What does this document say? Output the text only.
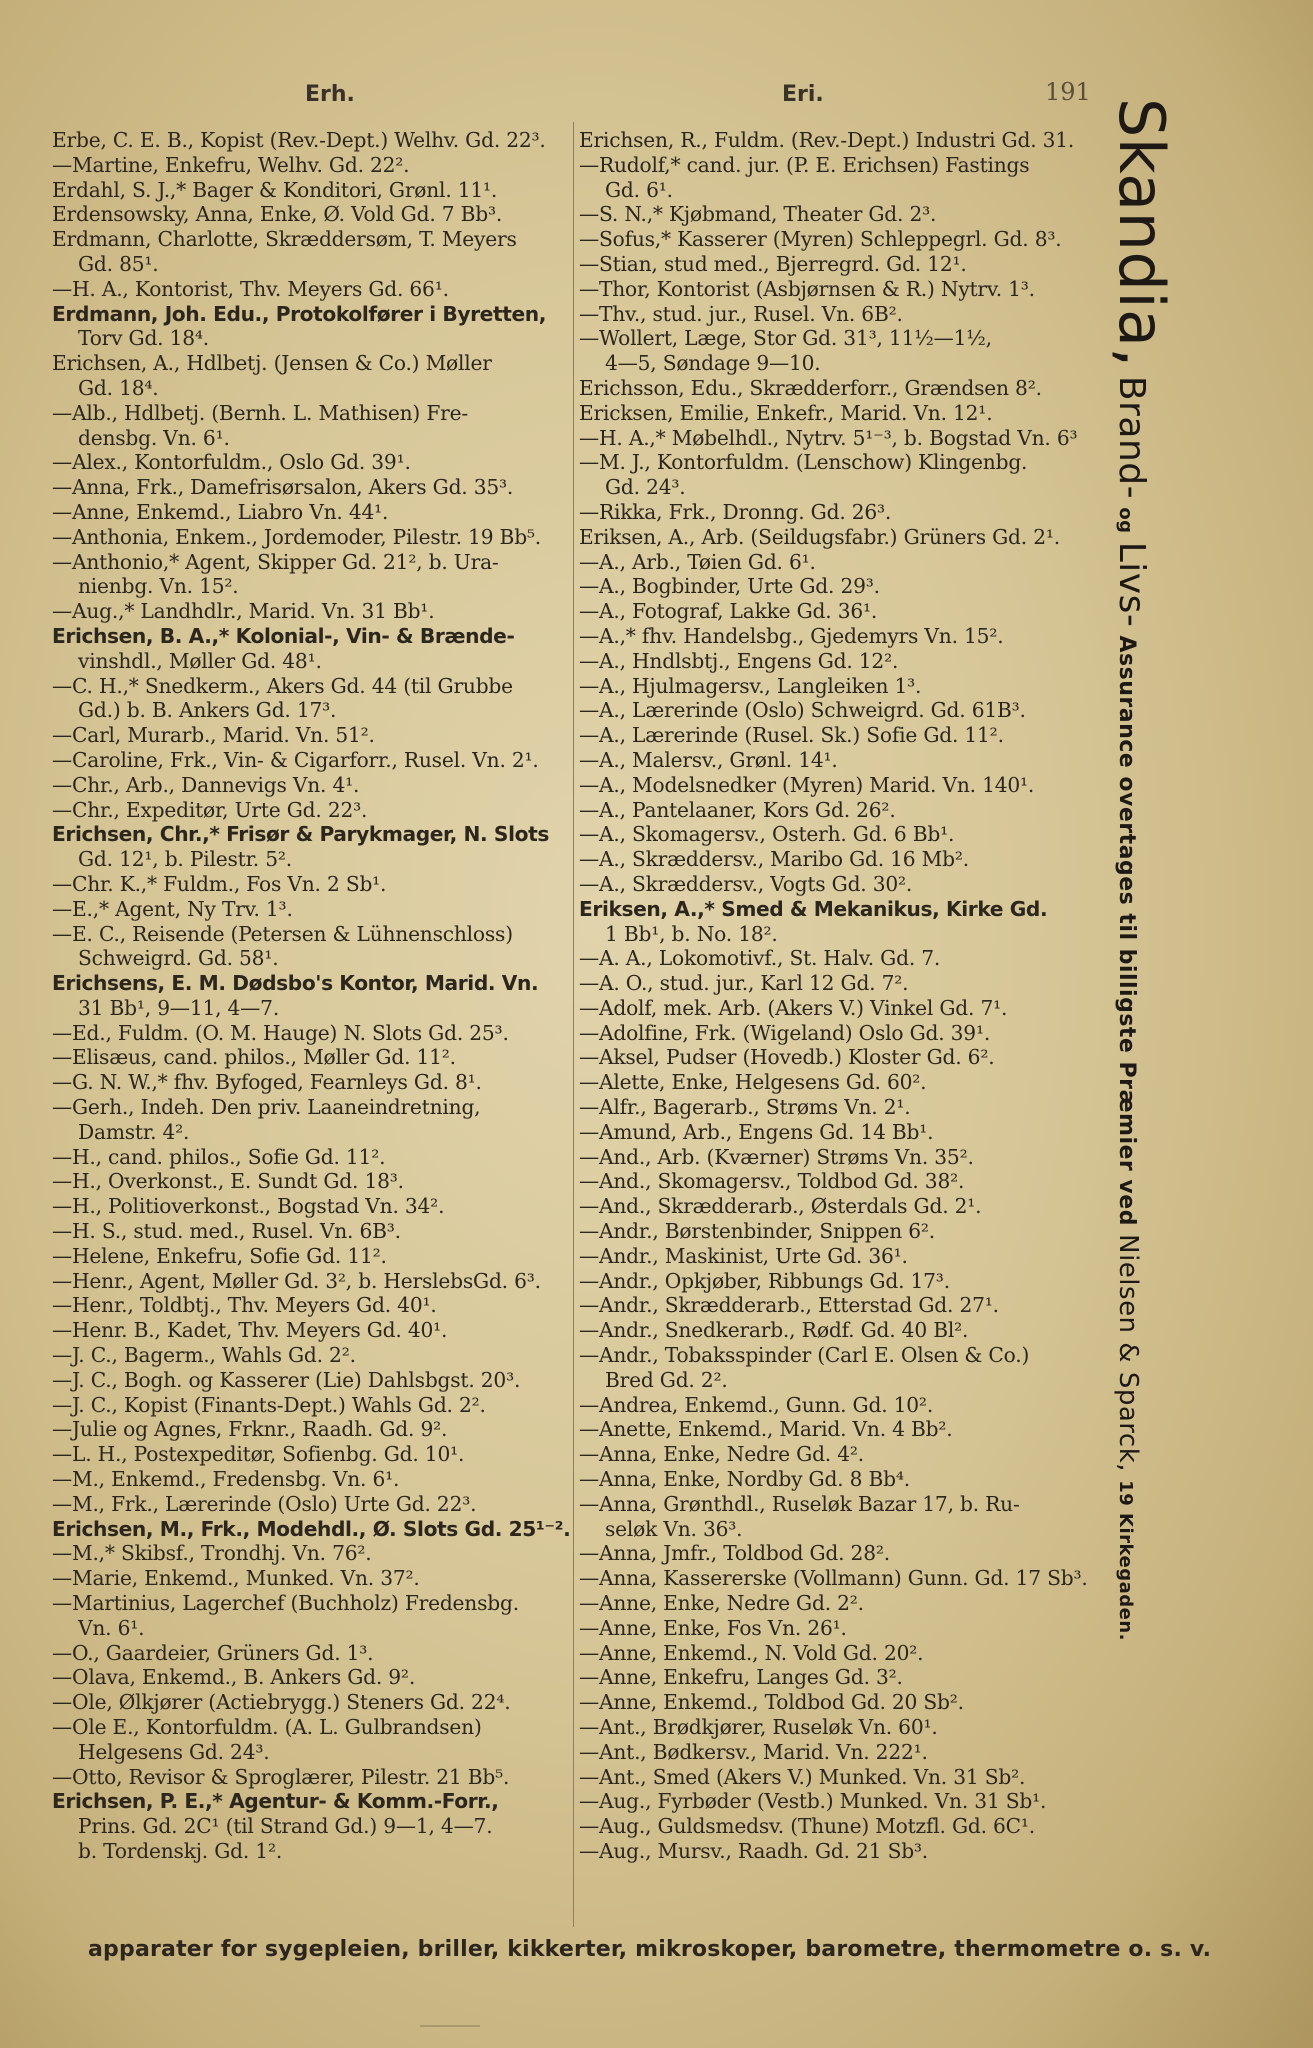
Erh.	Eri.	191
Erbe, C. E. B., Kopist (Rev.-Dept.) Welhv. Gd. 22³.
—Martine, Enkefru, Welhv. Gd. 22².
Erdahl, S. J.,* Bager & Konditori, Grønl. 11¹.
Erdensowsky, Anna, Enke, Ø. Vold Gd. 7 Bb³.
Erdmann, Charlotte, Skræddersøm, T. Meyers
Gd. 85¹.
—H. A., Kontorist, Thv. Meyers Gd. 66¹.
Erdmann, Joh. Edu., Protokolfører i Byretten,
Torv Gd. 18⁴.
Erichsen, A., Hdlbetj. (Jensen & Co.) Møller
Gd. 18⁴.
—Alb., Hdlbetj. (Bernh. L. Mathisen) Fre-
densbg. Vn. 6¹.
—Alex., Kontorfuldm., Oslo Gd. 39¹.
—Anna, Frk., Damefrisørsalon, Akers Gd. 35³.
—Anne, Enkemd., Liabro Vn. 44¹.
—Anthonia, Enkem., Jordemoder, Pilestr. 19 Bb⁵.
—Anthonio,* Agent, Skipper Gd. 21², b. Ura-
nienbg. Vn. 15².
—Aug.,* Landhdlr., Marid. Vn. 31 Bb¹.
Erichsen, B. A.,* Kolonial-, Vin- & Brænde-
vinshdl., Møller Gd. 48¹.
—C. H.,* Snedkerm., Akers Gd. 44 (til Grubbe
Gd.) b. B. Ankers Gd. 17³.
—Carl, Murarb., Marid. Vn. 51².
—Caroline, Frk., Vin- & Cigarforr., Rusel. Vn. 2¹.
—Chr., Arb., Dannevigs Vn. 4¹.
—Chr., Expeditør, Urte Gd. 22³.
Erichsen, Chr.,* Frisør & Parykmager, N. Slots
Gd. 12¹, b. Pilestr. 5².
—Chr. K.,* Fuldm., Fos Vn. 2 Sb¹.
—E.,* Agent, Ny Trv. 1³.
—E. C., Reisende (Petersen & Lühnenschloss)
Schweigrd. Gd. 58¹.
Erichsens, E. M. Dødsbo's Kontor, Marid. Vn.
31 Bb¹, 9—11, 4—7.
—Ed., Fuldm. (O. M. Hauge) N. Slots Gd. 25³.
—Elisæus, cand. philos., Møller Gd. 11².
—G. N. W.,* fhv. Byfoged, Fearnleys Gd. 8¹.
—Gerh., Indeh. Den priv. Laaneindretning,
Damstr. 4².
—H., cand. philos., Sofie Gd. 11².
—H., Overkonst., E. Sundt Gd. 18³.
—H., Politioverkonst., Bogstad Vn. 34².
—H. S., stud. med., Rusel. Vn. 6B³.
—Helene, Enkefru, Sofie Gd. 11².
—Henr., Agent, Møller Gd. 3², b. HerslebsGd. 6³.
—Henr., Toldbtj., Thv. Meyers Gd. 40¹.
—Henr. B., Kadet, Thv. Meyers Gd. 40¹.
—J. C., Bagerm., Wahls Gd. 2².
—J. C., Bogh. og Kasserer (Lie) Dahlsbgst. 20³.
—J. C., Kopist (Finants-Dept.) Wahls Gd. 2².
—Julie og Agnes, Frknr., Raadh. Gd. 9².
—L. H., Postexpeditør, Sofienbg. Gd. 10¹.
—M., Enkemd., Fredensbg. Vn. 6¹.
—M., Frk., Lærerinde (Oslo) Urte Gd. 22³.
Erichsen, M., Frk., Modehdl., Ø. Slots Gd. 25¹⁻².
—M.,* Skibsf., Trondhj. Vn. 76².
—Marie, Enkemd., Munked. Vn. 37².
—Martinius, Lagerchef (Buchholz) Fredensbg.
Vn. 6¹.
—O., Gaardeier, Grüners Gd. 1³.
—Olava, Enkemd., B. Ankers Gd. 9².
—Ole, Ølkjører (Actiebrygg.) Steners Gd. 22⁴.
—Ole E., Kontorfuldm. (A. L. Gulbrandsen)
Helgesens Gd. 24³.
—Otto, Revisor & Sproglærer, Pilestr. 21 Bb⁵.
Erichsen, P. E.,* Agentur- & Komm.-Forr.,
Prins. Gd. 2C¹ (til Strand Gd.) 9—1, 4—7.
b. Tordenskj. Gd. 1².
Erichsen, R., Fuldm. (Rev.-Dept.) Industri Gd. 31.
—Rudolf,* cand. jur. (P. E. Erichsen) Fastings
Gd. 6¹.
—S. N.,* Kjøbmand, Theater Gd. 2³.
—Sofus,* Kasserer (Myren) Schleppegrl. Gd. 8³.
—Stian, stud med., Bjerregrd. Gd. 12¹.
—Thor, Kontorist (Asbjørnsen & R.) Nytrv. 1³.
—Thv., stud. jur., Rusel. Vn. 6B².
—Wollert, Læge, Stor Gd. 31³, 11½—1½,
4—5, Søndage 9—10.
Erichsson, Edu., Skrædderforr., Grændsen 8².
Ericksen, Emilie, Enkefr., Marid. Vn. 12¹.
—H. A.,* Møbelhdl., Nytrv. 5¹⁻³, b. Bogstad Vn. 6³
—M. J., Kontorfuldm. (Lenschow) Klingenbg.
Gd. 24³.
—Rikka, Frk., Dronng. Gd. 26³.
Eriksen, A., Arb. (Seildugsfabr.) Grüners Gd. 2¹.
—A., Arb., Tøien Gd. 6¹.
—A., Bogbinder, Urte Gd. 29³.
—A., Fotograf, Lakke Gd. 36¹.
—A.,* fhv. Handelsbg., Gjedemyrs Vn. 15².
—A., Hndlsbtj., Engens Gd. 12².
—A., Hjulmagersv., Langleiken 1³.
—A., Lærerinde (Oslo) Schweigrd. Gd. 61B³.
—A., Lærerinde (Rusel. Sk.) Sofie Gd. 11².
—A., Malersv., Grønl. 14¹.
—A., Modelsnedker (Myren) Marid. Vn. 140¹.
—A., Pantelaaner, Kors Gd. 26².
—A., Skomagersv., Osterh. Gd. 6 Bb¹.
—A., Skræddersv., Maribo Gd. 16 Mb².
—A., Skræddersv., Vogts Gd. 30².
Eriksen, A.,* Smed & Mekanikus, Kirke Gd.
1 Bb¹, b. No. 18².
—A. A., Lokomotivf., St. Halv. Gd. 7.
—A. O., stud. jur., Karl 12 Gd. 7².
—Adolf, mek. Arb. (Akers V.) Vinkel Gd. 7¹.
—Adolfine, Frk. (Wigeland) Oslo Gd. 39¹.
—Aksel, Pudser (Hovedb.) Kloster Gd. 6².
—Alette, Enke, Helgesens Gd. 60².
—Alfr., Bagerarb., Strøms Vn. 2¹.
—Amund, Arb., Engens Gd. 14 Bb¹.
—And., Arb. (Kværner) Strøms Vn. 35².
—And., Skomagersv., Toldbod Gd. 38².
—And., Skrædderarb., Østerdals Gd. 2¹.
—Andr., Børstenbinder, Snippen 6².
—Andr., Maskinist, Urte Gd. 36¹.
—Andr., Opkjøber, Ribbungs Gd. 17³.
—Andr., Skrædderarb., Etterstad Gd. 27¹.
—Andr., Snedkerarb., Rødf. Gd. 40 Bl².
—Andr., Tobaksspinder (Carl E. Olsen & Co.)
Bred Gd. 2².
—Andrea, Enkemd., Gunn. Gd. 10².
—Anette, Enkemd., Marid. Vn. 4 Bb².
—Anna, Enke, Nedre Gd. 4².
—Anna, Enke, Nordby Gd. 8 Bb⁴.
—Anna, Grønthdl., Ruseløk Bazar 17, b. Ru-
seløk Vn. 36³.
—Anna, Jmfr., Toldbod Gd. 28².
—Anna, Kassererske (Vollmann) Gunn. Gd. 17 Sb³.
—Anne, Enke, Nedre Gd. 2².
—Anne, Enke, Fos Vn. 26¹.
—Anne, Enkemd., N. Vold Gd. 20².
—Anne, Enkefru, Langes Gd. 3².
—Anne, Enkemd., Toldbod Gd. 20 Sb².
—Ant., Brødkjører, Ruseløk Vn. 60¹.
—Ant., Bødkersv., Marid. Vn. 222¹.
—Ant., Smed (Akers V.) Munked. Vn. 31 Sb².
—Aug., Fyrbøder (Vestb.) Munked. Vn. 31 Sb¹.
—Aug., Guldsmedsv. (Thune) Motzfl. Gd. 6C¹.
—Aug., Mursv., Raadh. Gd. 21 Sb³.
Skandia, Brand- og Livs- Assurance overtages til billigste Præmier ved Nielsen & Sparck, 19 Kirkegaden.
apparater for sygepleien, briller, kikkerter, mikroskoper, barometre, thermometre o. s. v.
